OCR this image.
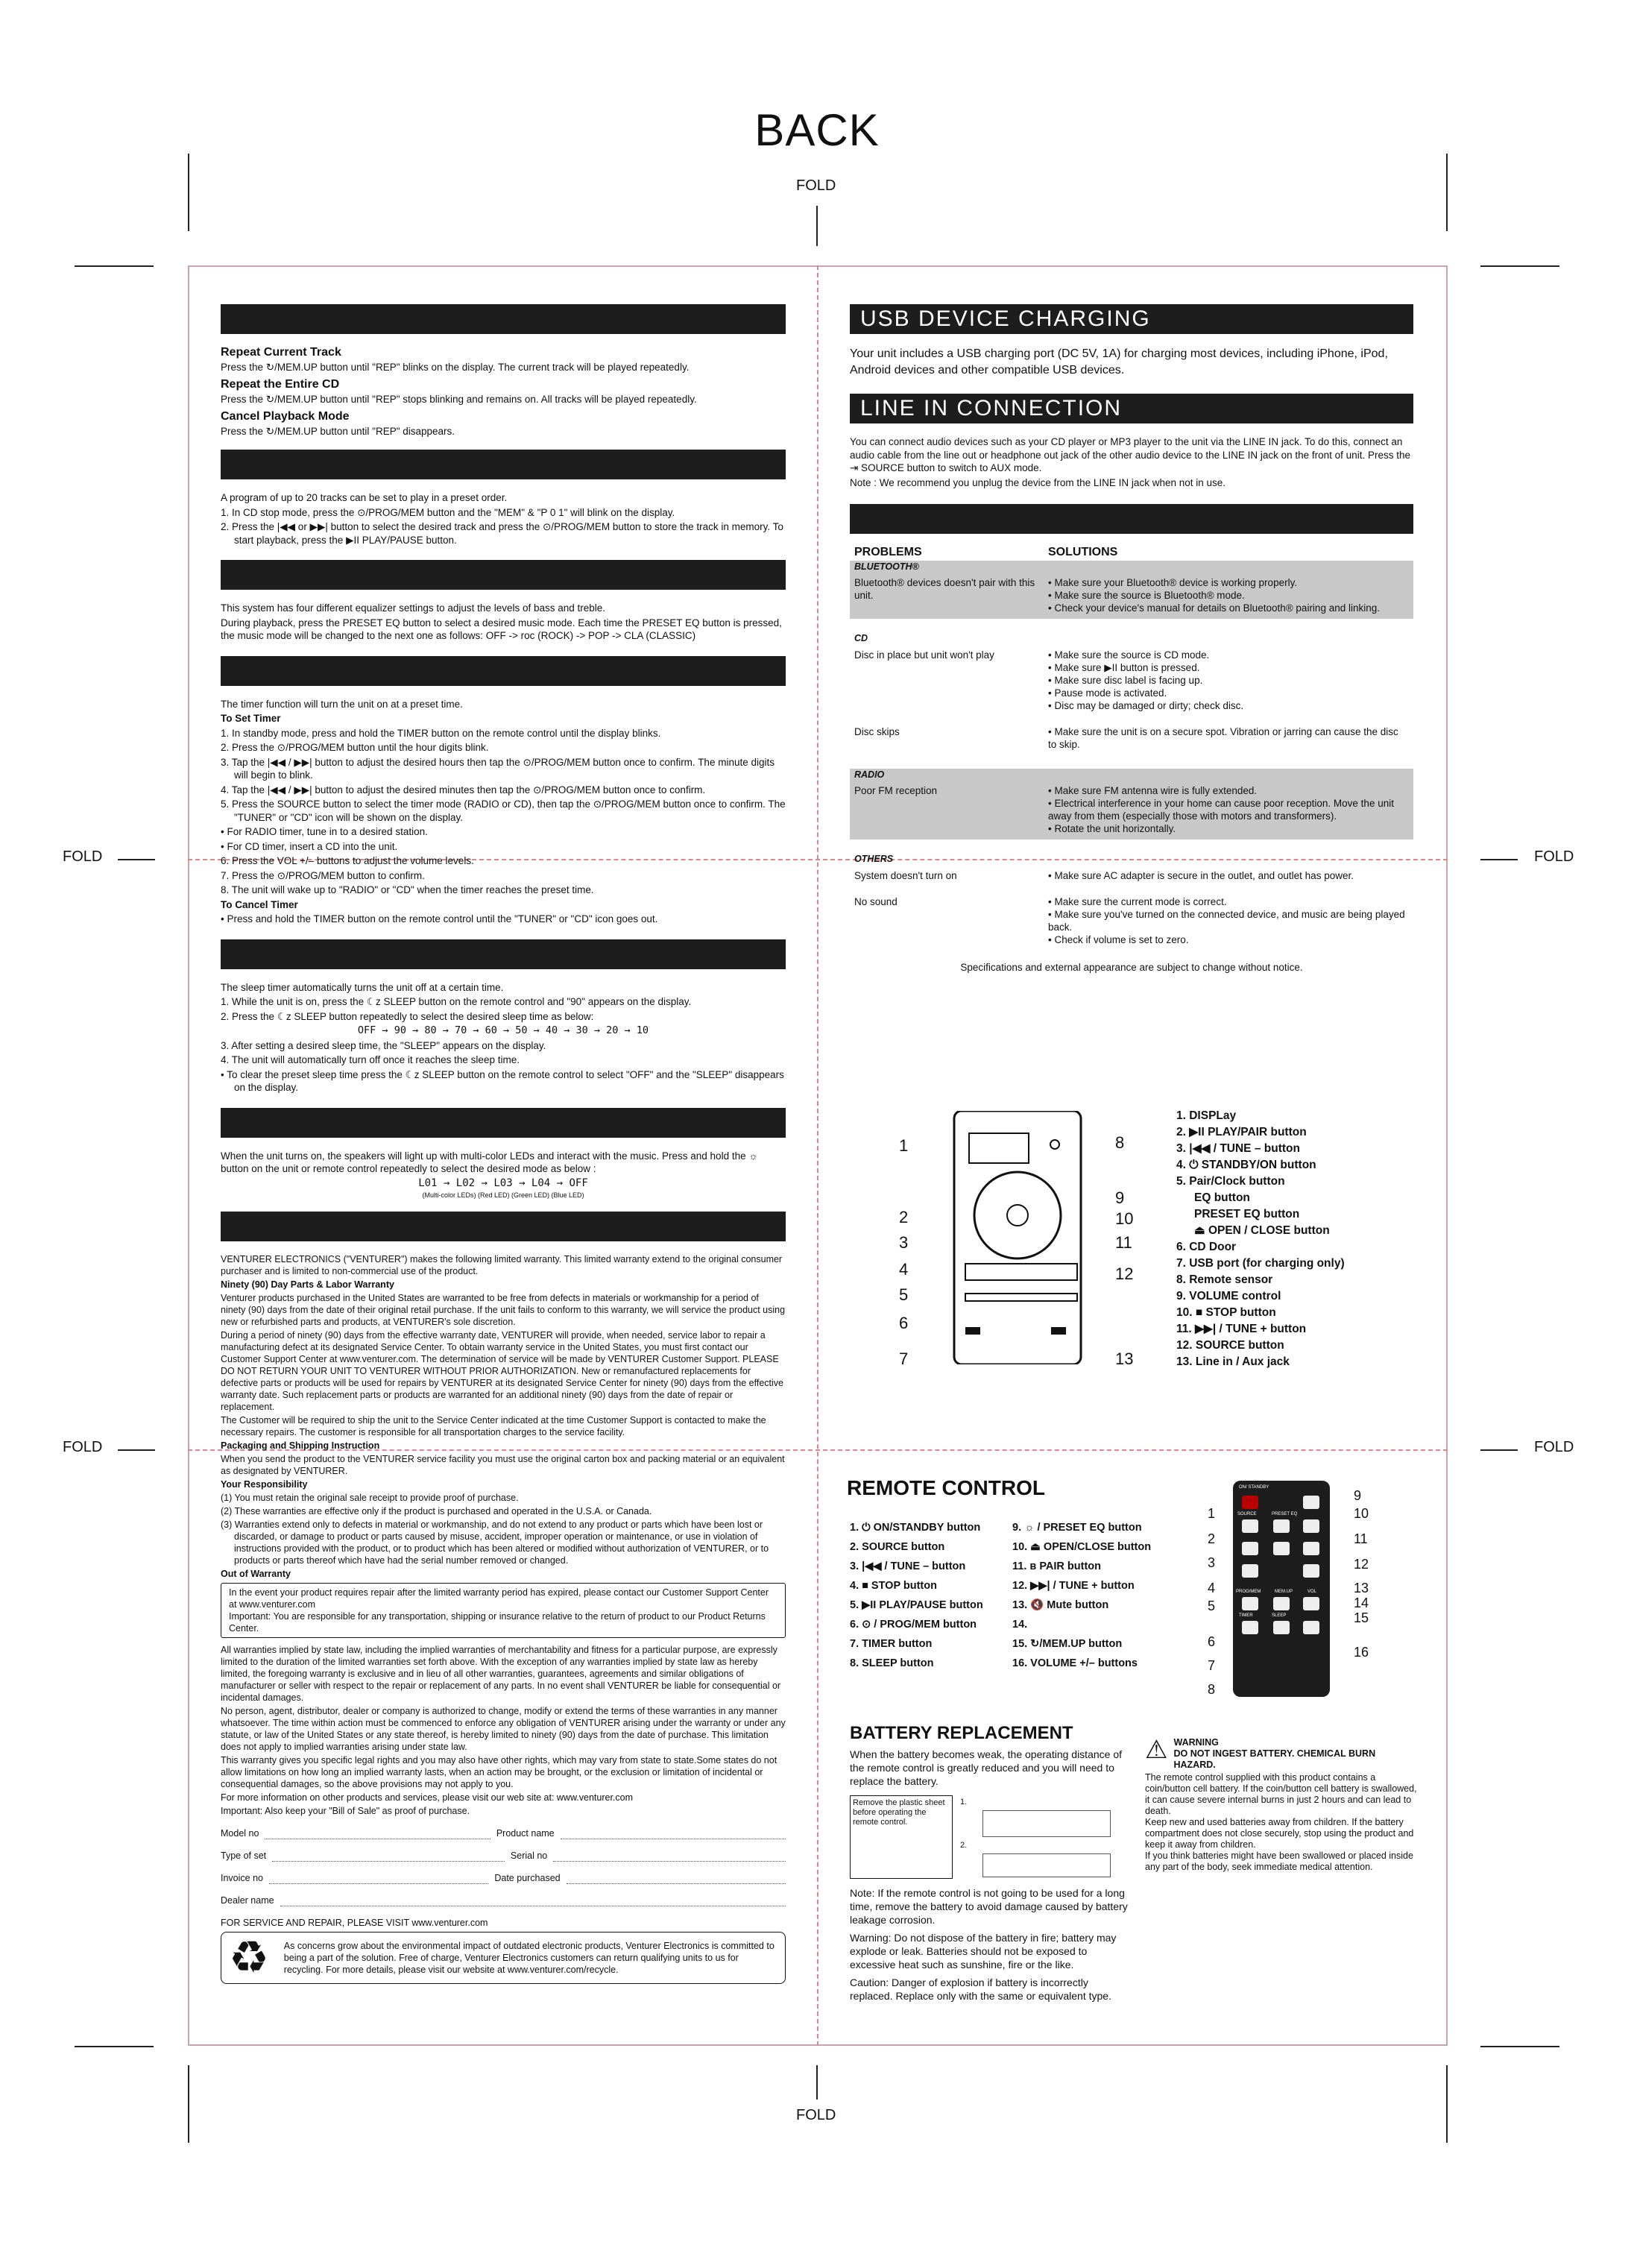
BACK
FOLD
FOLD
FOLD
FOLD
FOLD
FOLD
Repeat Current Track
Press the ↻/MEM.UP button until "REP" blinks on the display. The current track will be played repeatedly.
Repeat the Entire CD
Press the ↻/MEM.UP button until "REP" stops blinking and remains on. All tracks will be played repeatedly.
Cancel Playback Mode
Press the ↻/MEM.UP button until "REP" disappears.
A program of up to 20 tracks can be set to play in a preset order.
1. In CD stop mode, press the ⊙/PROG/MEM button and the "MEM" & "P 0 1" will blink on the display.
2. Press the |◀◀ or ▶▶| button to select the desired track and press the ⊙/PROG/MEM button to store the track in memory. To start playback, press the ▶II PLAY/PAUSE button.
This system has four different equalizer settings to adjust the levels of bass and treble.
During playback, press the PRESET EQ button to select a desired music mode. Each time the PRESET EQ button is pressed, the music mode will be changed to the next one as follows: OFF -> roc (ROCK) -> POP -> CLA (CLASSIC)
The timer function will turn the unit on at a preset time.
To Set Timer
1. In standby mode, press and hold the TIMER button on the remote control until the display blinks.
2. Press the ⊙/PROG/MEM button until the hour digits blink.
3. Tap the |◀◀ / ▶▶| button to adjust the desired hours then tap the ⊙/PROG/MEM button once to confirm. The minute digits will begin to blink.
4. Tap the |◀◀ / ▶▶| button to adjust the desired minutes then tap the ⊙/PROG/MEM button once to confirm.
5. Press the SOURCE button to select the timer mode (RADIO or CD), then tap the ⊙/PROG/MEM button once to confirm. The "TUNER" or "CD" icon will be shown on the display.
• For RADIO timer, tune in to a desired station.
• For CD timer, insert a CD into the unit.
6. Press the VOL +/– buttons to adjust the volume levels.
7. Press the ⊙/PROG/MEM button to confirm.
8. The unit will wake up to "RADIO" or "CD" when the timer reaches the preset time.
To Cancel Timer
• Press and hold the TIMER button on the remote control until the "TUNER" or "CD" icon goes out.
The sleep timer automatically turns the unit off at a certain time.
1. While the unit is on, press the ☾z SLEEP button on the remote control and "90" appears on the display.
2. Press the ☾z SLEEP button repeatedly to select the desired sleep time as below:
OFF → 90 → 80 → 70 → 60 → 50 → 40 → 30 → 20 → 10
3. After setting a desired sleep time, the "SLEEP" appears on the display.
4. The unit will automatically turn off once it reaches the sleep time.
• To clear the preset sleep time press the ☾z SLEEP button on the remote control to select "OFF" and the "SLEEP" disappears on the display.
When the unit turns on, the speakers will light up with multi-color LEDs and interact with the music. Press and hold the ☼ button on the unit or remote control repeatedly to select the desired mode as below :
L01 → L02 → L03 → L04 → OFF
(Multi-color LEDs) (Red LED) (Green LED) (Blue LED)
VENTURER ELECTRONICS ("VENTURER") makes the following limited warranty. This limited warranty extend to the original consumer purchaser and is limited to non-commercial use of the product.
Ninety (90) Day Parts & Labor Warranty
Venturer products purchased in the United States are warranted to be free from defects in materials or workmanship for a period of ninety (90) days from the date of their original retail purchase. If the unit fails to conform to this warranty, we will service the product using new or refurbished parts and products, at VENTURER's sole discretion.
During a period of ninety (90) days from the effective warranty date, VENTURER will provide, when needed, service labor to repair a manufacturing defect at its designated Service Center. To obtain warranty service in the United States, you must first contact our Customer Support Center at www.venturer.com. The determination of service will be made by VENTURER Customer Support. PLEASE DO NOT RETURN YOUR UNIT TO VENTURER WITHOUT PRIOR AUTHORIZATION. New or remanufactured replacements for defective parts or products will be used for repairs by VENTURER at its designated Service Center for ninety (90) days from the effective warranty date. Such replacement parts or products are warranted for an additional ninety (90) days from the date of repair or replacement.
The Customer will be required to ship the unit to the Service Center indicated at the time Customer Support is contacted to make the necessary repairs. The customer is responsible for all transportation charges to the service facility.
Packaging and Shipping Instruction
When you send the product to the VENTURER service facility you must use the original carton box and packing material or an equivalent as designated by VENTURER.
Your Responsibility
(1) You must retain the original sale receipt to provide proof of purchase.
(2) These warranties are effective only if the product is purchased and operated in the U.S.A. or Canada.
(3) Warranties extend only to defects in material or workmanship, and do not extend to any product or parts which have been lost or discarded, or damage to product or parts caused by misuse, accident, improper operation or maintenance, or use in violation of instructions provided with the product, or to product which has been altered or modified without authorization of VENTURER, or to products or parts thereof which have had the serial number removed or changed.
Out of Warranty
In the event your product requires repair after the limited warranty period has expired, please contact our Customer Support Center at www.venturer.com
Important: You are responsible for any transportation, shipping or insurance relative to the return of product to our Product Returns Center.
All warranties implied by state law, including the implied warranties of merchantability and fitness for a particular purpose, are expressly limited to the duration of the limited warranties set forth above. With the exception of any warranties implied by state law as hereby limited, the foregoing warranty is exclusive and in lieu of all other warranties, guarantees, agreements and similar obligations of manufacturer or seller with respect to the repair or replacement of any parts. In no event shall VENTURER be liable for consequential or incidental damages.
No person, agent, distributor, dealer or company is authorized to change, modify or extend the terms of these warranties in any manner whatsoever. The time within action must be commenced to enforce any obligation of VENTURER arising under the warranty or under any statute, or law of the United States or any state thereof, is hereby limited to ninety (90) days from the date of purchase. This limitation does not apply to implied warranties arising under state law.
This warranty gives you specific legal rights and you may also have other rights, which may vary from state to state.Some states do not allow limitations on how long an implied warranty lasts, when an action may be brought, or the exclusion or limitation of incidental or consequential damages, so the above provisions may not apply to you.
For more information on other products and services, please visit our web site at: www.venturer.com
Important: Also keep your "Bill of Sale" as proof of purchase.
Model no	Product name
Type of set	Serial no
Invoice no	Date purchased
Dealer name
FOR SERVICE AND REPAIR, PLEASE VISIT www.venturer.com
♻ As concerns grow about the environmental impact of outdated electronic products, Venturer Electronics is committed to being a part of the solution. Free of charge, Venturer Electronics customers can return qualifying units to us for recycling. For more details, please visit our website at www.venturer.com/recycle.
USB DEVICE CHARGING
Your unit includes a USB charging port (DC 5V, 1A) for charging most devices, including iPhone, iPod, Android devices and other compatible USB devices.
LINE IN CONNECTION
You can connect audio devices such as your CD player or MP3 player to the unit via the LINE IN jack. To do this, connect an audio cable from the line out or headphone out jack of the other audio device to the LINE IN jack on the front of unit. Press the ⇥ SOURCE button to switch to AUX mode.
Note : We recommend you unplug the device from the LINE IN jack when not in use.
PROBLEMS	SOLUTIONS
BLUETOOTH®
Bluetooth® devices doesn't pair with this unit.
• Make sure your Bluetooth® device is working properly.
• Make sure the source is Bluetooth® mode.
• Check your device's manual for details on Bluetooth® pairing and linking.
CD
Disc in place but unit won't play	• Make sure the source is CD mode.
• Make sure ▶II button is pressed.
• Make sure disc label is facing up.
• Pause mode is activated.
• Disc may be damaged or dirty; check disc.
Disc skips	• Make sure the unit is on a secure spot. Vibration or jarring can cause the disc to skip.
RADIO
Poor FM reception	• Make sure FM antenna wire is fully extended.
• Electrical interference in your home can cause poor reception. Move the unit away from them (especially those with motors and transformers).
• Rotate the unit horizontally.
OTHERS
System doesn't turn on	• Make sure AC adapter is secure in the outlet, and outlet has power.
No sound	• Make sure the current mode is correct.
• Make sure you've turned on the connected device, and music are being played back.
• Check if volume is set to zero.
Specifications and external appearance are subject to change without notice.
1
2
3
4
5
6
7
8
9
10
11
12
13
1. DISPLay
2. ▶II PLAY/PAIR button
3. |◀◀ / TUNE – button
4. ⏻ STANDBY/ON button
5. Pair/Clock button
EQ button
PRESET EQ button
⏏ OPEN / CLOSE button
6. CD Door
7. USB port (for charging only)
8. Remote sensor
9. VOLUME control
10. ■ STOP button
11. ▶▶| / TUNE + button
12. SOURCE button
13. Line in / Aux jack
REMOTE CONTROL
1. ⏻ ON/STANDBY button
2. SOURCE button
3. |◀◀ / TUNE – button
4. ■ STOP button
5. ▶II PLAY/PAUSE button
6. ⊙ / PROG/MEM button
7. TIMER button
8. SLEEP button
9. ☼ / PRESET EQ button
10. ⏏ OPEN/CLOSE button
11. ʙ PAIR button
12. ▶▶| / TUNE + button
13. 🔇 Mute button
14.
15. ↻/MEM.UP button
16. VOLUME +/– buttons
ON/ STANDBY
SOURCE	PRESET EQ
PROG/MEM	MEM.UP	VOL
TIMER	SLEEP
1
2
3
4
5
6
7
8
9
10
11
12
13
14
15
16
BATTERY REPLACEMENT
When the battery becomes weak, the operating distance of the remote control is greatly reduced and you will need to replace the battery.
Remove the plastic sheet before operating the remote control.
1.
2.
Note: If the remote control is not going to be used for a long time, remove the battery to avoid damage caused by battery leakage corrosion.
Warning: Do not dispose of the battery in fire; battery may explode or leak. Batteries should not be exposed to excessive heat such as sunshine, fire or the like.
Caution: Danger of explosion if battery is incorrectly replaced. Replace only with the same or equivalent type.
⚠ WARNING
DO NOT INGEST BATTERY. CHEMICAL BURN HAZARD.
The remote control supplied with this product contains a coin/button cell battery. If the coin/button cell battery is swallowed, it can cause severe internal burns in just 2 hours and can lead to death.
Keep new and used batteries away from children. If the battery compartment does not close securely, stop using the product and keep it away from children.
If you think batteries might have been swallowed or placed inside any part of the body, seek immediate medical attention.
